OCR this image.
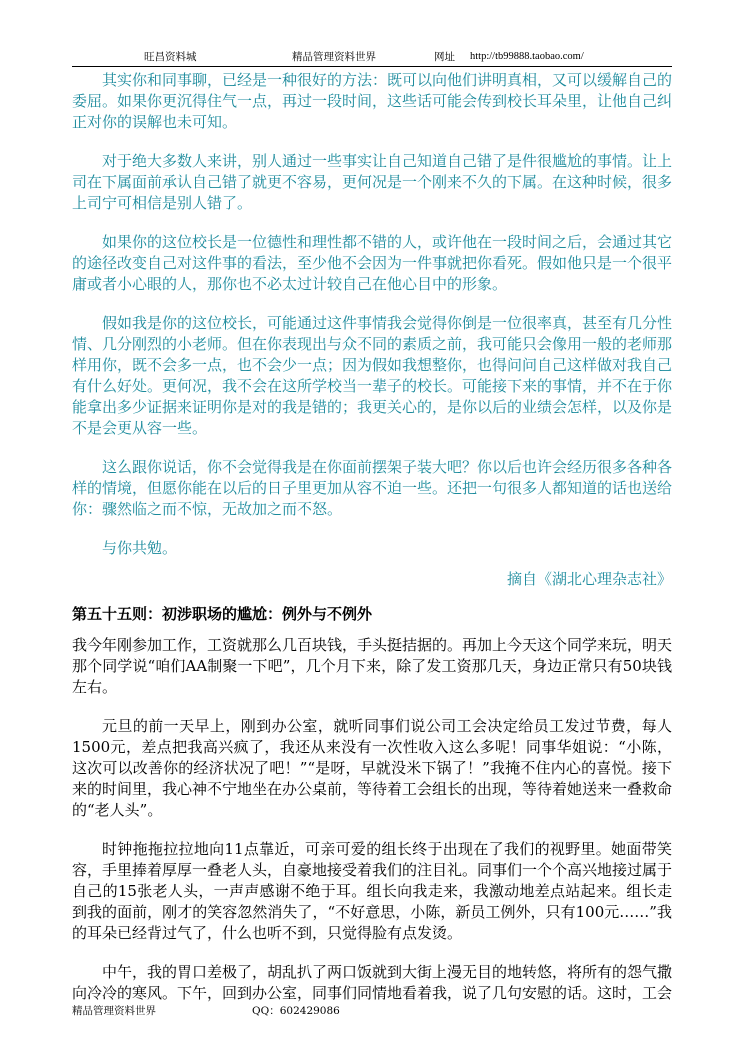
旺昌资料城	精品管理资料世界	网址 http://tb99888.taobao.com/

其实你和同事聊，已经是一种很好的方法：既可以向他们讲明真相，又可以缓解自己的委屈。如果你更沉得住气一点，再过一段时间，这些话可能会传到校长耳朵里，让他自己纠正对你的误解也未可知。

对于绝大多数人来讲，别人通过一些事实让自己知道自己错了是件很尴尬的事情。让上司在下属面前承认自己错了就更不容易，更何况是一个刚来不久的下属。在这种时候，很多上司宁可相信是别人错了。

如果你的这位校长是一位德性和理性都不错的人，或许他在一段时间之后，会通过其它的途径改变自己对这件事的看法，至少他不会因为一件事就把你看死。假如他只是一个很平庸或者小心眼的人，那你也不必太过计较自己在他心目中的形象。

假如我是你的这位校长，可能通过这件事情我会觉得你倒是一位很率真，甚至有几分性情、几分刚烈的小老师。但在你表现出与众不同的素质之前，我可能只会像用一般的老师那样用你，既不会多一点，也不会少一点；因为假如我想整你，也得问问自己这样做对我自己有什么好处。更何况，我不会在这所学校当一辈子的校长。可能接下来的事情，并不在于你能拿出多少证据来证明你是对的我是错的；我更关心的，是你以后的业绩会怎样，以及你是不是会更从容一些。

这么跟你说话，你不会觉得我是在你面前摆架子装大吧？你以后也许会经历很多各种各样的情境，但愿你能在以后的日子里更加从容不迫一些。还把一句很多人都知道的话也送给你：骤然临之而不惊，无故加之而不怒。

与你共勉。

摘自《湖北心理杂志社》

第五十五则：初涉职场的尴尬：例外与不例外

我今年刚参加工作，工资就那么几百块钱，手头挺拮据的。再加上今天这个同学来玩，明天那个同学说“咱们AA制聚一下吧”，几个月下来，除了发工资那几天，身边正常只有50块钱左右。

元旦的前一天早上，刚到办公室，就听同事们说公司工会决定给员工发过节费，每人1500元，差点把我高兴疯了，我还从来没有一次性收入这么多呢！同事华姐说：“小陈，这次可以改善你的经济状况了吧！”“是呀，早就没米下锅了！”我掩不住内心的喜悦。接下来的时间里，我心神不宁地坐在办公桌前，等待着工会组长的出现，等待着她送来一叠救命的“老人头”。

时钟拖拖拉拉地向11点靠近，可亲可爱的组长终于出现在了我们的视野里。她面带笑容，手里捧着厚厚一叠老人头，自豪地接受着我们的注目礼。同事们一个个高兴地接过属于自己的15张老人头，一声声感谢不绝于耳。组长向我走来，我激动地差点站起来。组长走到我的面前，刚才的笑容忽然消失了，“不好意思，小陈，新员工例外，只有100元……”我的耳朵已经背过气了，什么也听不到，只觉得脸有点发烫。

中午，我的胃口差极了，胡乱扒了两口饭就到大街上漫无目的地转悠，将所有的怨气撒向冷冷的寒风。下午，回到办公室，同事们同情地看着我，说了几句安慰的话。这时，工会

精品管理资料世界	QQ：602429086
